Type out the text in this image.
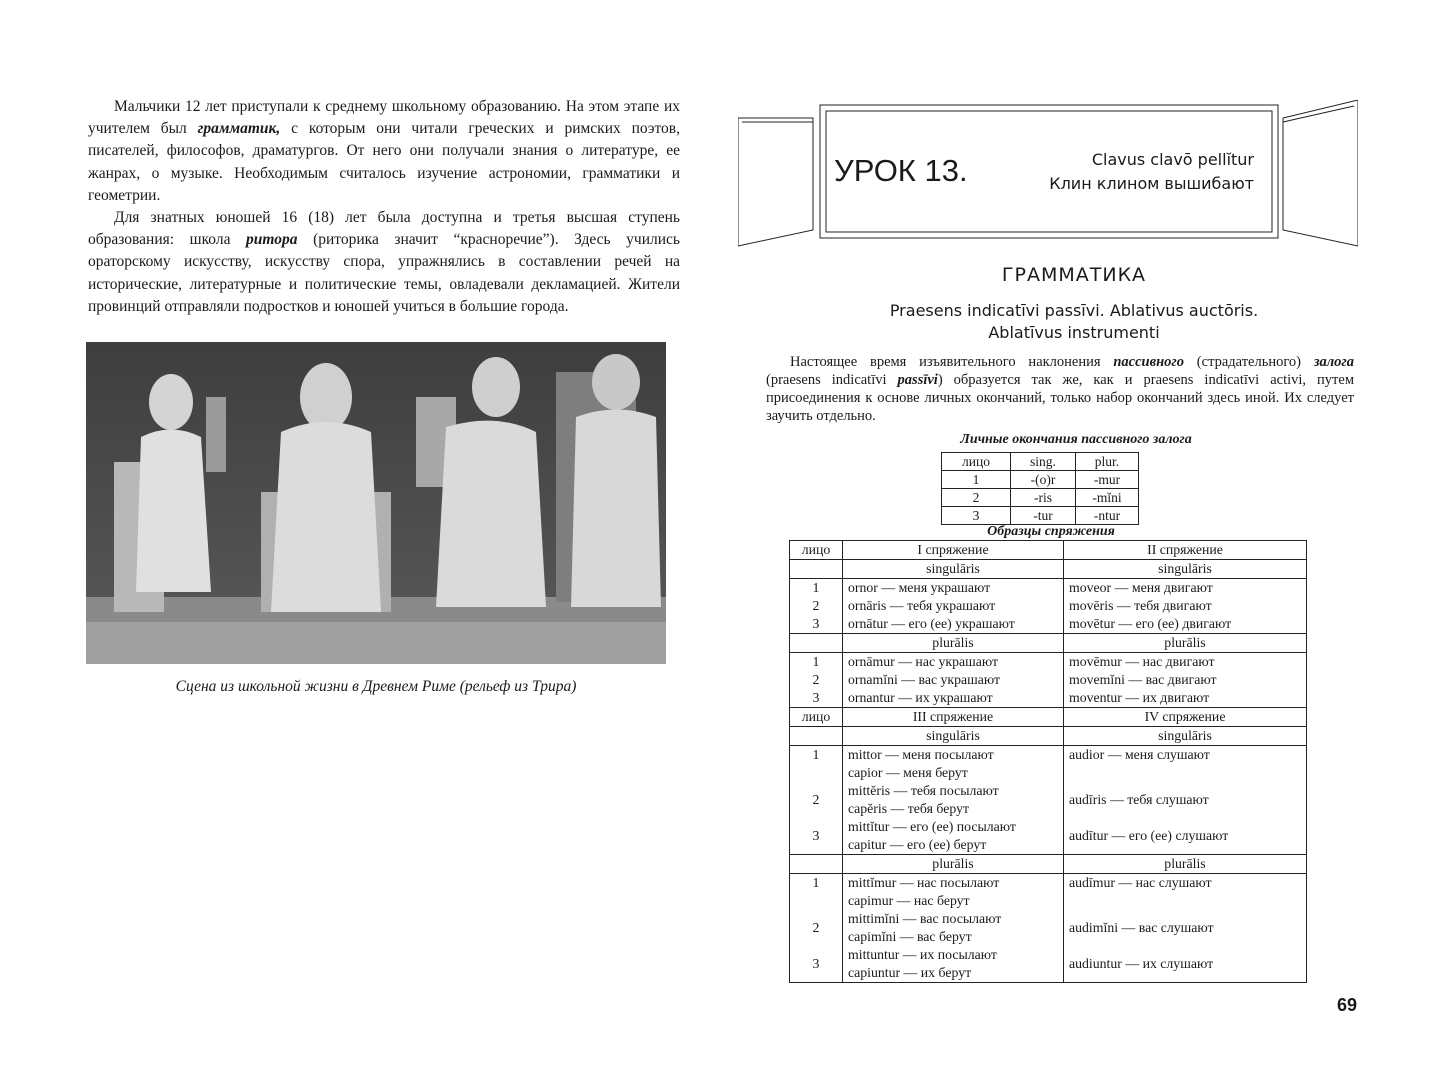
Мальчики 12 лет приступали к среднему школьному образованию. На этом этапе их учителем был грамматик, с которым они читали греческих и римских поэтов, писателей, философов, драматургов. От него они получали знания о литературе, ее жанрах, о музыке. Необходимым считалось изучение астрономии, грамматики и геометрии.

Для знатных юношей 16 (18) лет была доступна и третья высшая ступень образования: школа ритора (риторика значит “красноречие”). Здесь учились ораторскому искусству, искусству спора, упражнялись в составлении речей на исторические, литературные и политические темы, овладевали декламацией. Жители провинций отправляли подростков и юношей учиться в большие города.

Сцена из школьной жизни в Древнем Риме (рельеф из Трира)
УРОК 13.	Clavus clavō pellĭtur
Клин клином вышибают
ГРАММАТИКА
Praesens indicatīvi passīvi. Ablativus auctōris.
Ablatīvus instrumenti
Настоящее время изъявительного наклонения пассивного (страдательного) залога (praesens indicatīvi passīvi) образуется так же, как и praesens indicatīvi activi, путем присоединения к основе личных окончаний, только набор окончаний здесь иной. Их следует заучить отдельно.
Личные окончания пассивного залога
лицо	sing.	plur.
1	-(o)r	-mur
2	-ris	-mĭni
3	-tur	-ntur
Образцы спряжения
лицо	I спряжение	II спряжение
	singulāris	singulāris
1	ornor — меня украшают	moveor — меня двигают
2	ornāris — тебя украшают	movēris — тебя двигают
3	ornātur — его (ее) украшают	movētur — его (ее) двигают
	plurālis	plurālis
1	ornāmur — нас украшают	movēmur — нас двигают
2	ornamĭni — вас украшают	movemĭni — вас двигают
3	ornantur — их украшают	moventur — их двигают
лицо	III спряжение	IV спряжение
	singulāris	singulāris
1	mittor — меня посылают
capior — меня берут	audior — меня слушают
2	mittĕris — тебя посылают
capĕris — тебя берут	audīris — тебя слушают
3	mittĭtur — его (ее) посылают
capitur — его (ее) берут	audītur — его (ее) слушают
	plurālis	plurālis
1	mittĭmur — нас посылают
capimur — нас берут	audīmur — нас слушают
2	mittimĭni — вас посылают
capimĭni — вас берут	audimĭni — вас слушают
3	mittuntur — их посылают
capiuntur — их берут	audiuntur — их слушают
69
